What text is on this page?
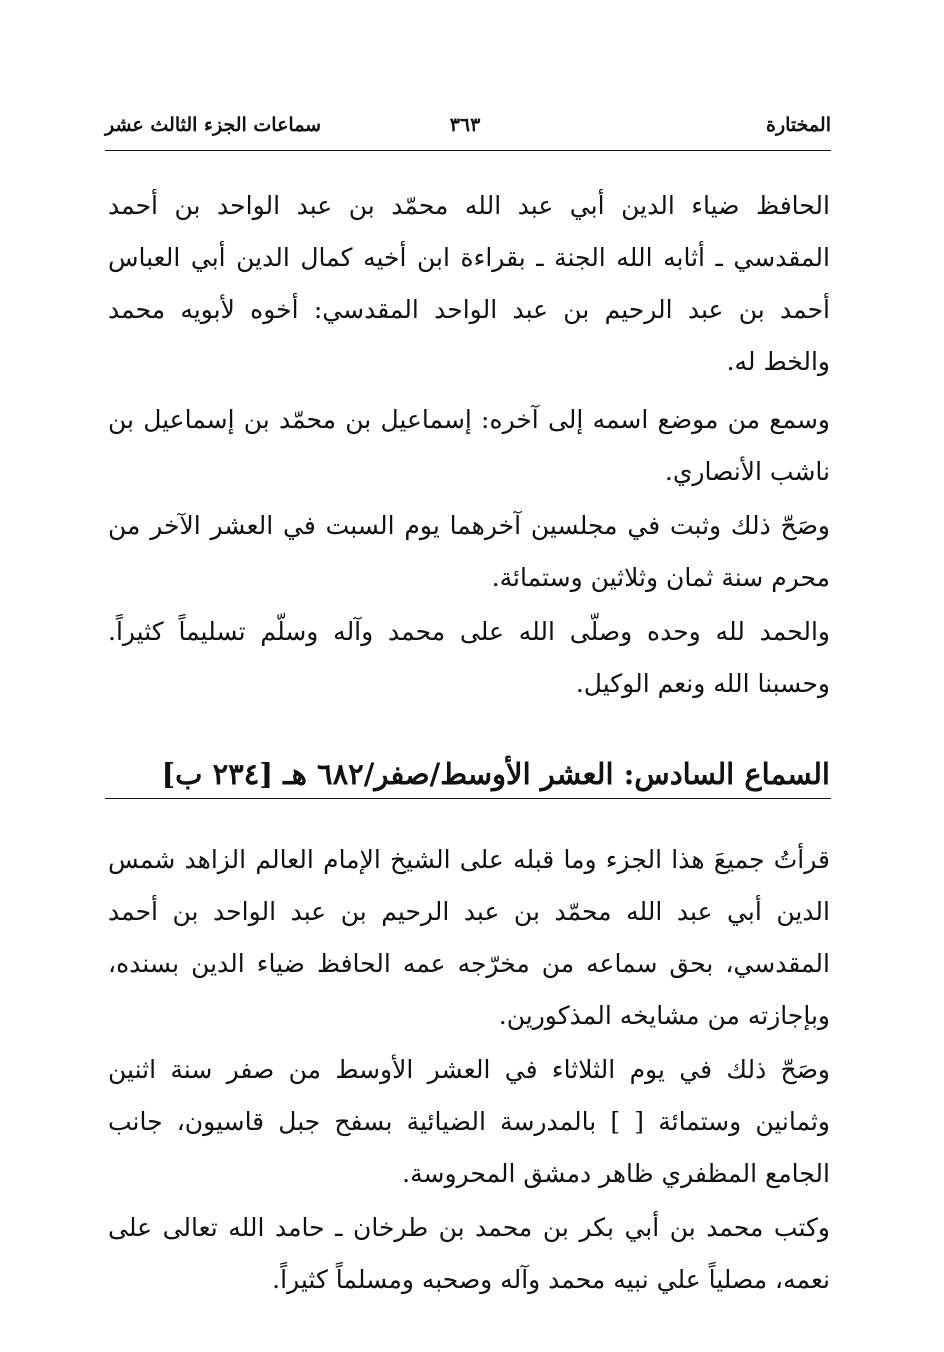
المختارة
٣٦٣
سماعات الجزء الثالث عشر

الحافظ ضياء الدين أبي عبد الله محمّد بن عبد الواحد بن أحمد المقدسي ـ أثابه الله الجنة ـ بقراءة ابن أخيه كمال الدين أبي العباس أحمد بن عبد الرحيم بن عبد الواحد المقدسي: أخوه لأبويه محمد والخط له.

وسمع من موضع اسمه إلى آخره: إسماعيل بن محمّد بن إسماعيل بن ناشب الأنصاري.

وصَحّ ذلك وثبت في مجلسين آخرهما يوم السبت في العشر الآخر من محرم سنة ثمان وثلاثين وستمائة.

والحمد لله وحده وصلّى الله على محمد وآله وسلّم تسليماً كثيراً. وحسبنا الله ونعم الوكيل.

السماع السادس: العشر الأوسط/صفر/٦٨٢ هـ [٢٣٤ ب]

قرأتُ جميعَ هذا الجزء وما قبله على الشيخ الإمام العالم الزاهد شمس الدين أبي عبد الله محمّد بن عبد الرحيم بن عبد الواحد بن أحمد المقدسي، بحق سماعه من مخرّجه عمه الحافظ ضياء الدين بسنده، وبإجازته من مشايخه المذكورين.

وصَحّ ذلك في يوم الثلاثاء في العشر الأوسط من صفر سنة اثنين وثمانين وستمائة [ ] بالمدرسة الضيائية بسفح جبل قاسيون، جانب الجامع المظفري ظاهر دمشق المحروسة.

وكتب محمد بن أبي بكر بن محمد بن طرخان ـ حامد الله تعالى على نعمه، مصلياً علي نبيه محمد وآله وصحبه ومسلماً كثيراً.
